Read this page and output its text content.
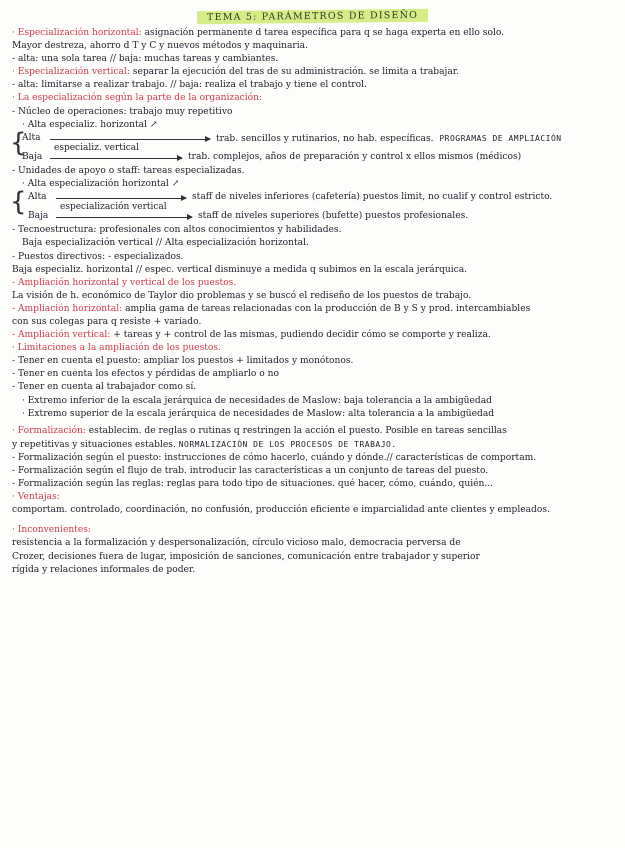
TEMA 5: PARÁMETROS DE DISEÑO
· Especialización horizontal: asignación permanente d tarea específica para q se haga experta en ello solo.
Mayor destreza, ahorro d T y C y nuevos métodos y maquinaria.
- alta: una sola tarea // baja: muchas tareas y cambiantes.
· Especialización vertical: separar la ejecución del tras de su administración. se limita a trabajar.
- alta: limitarse a realizar trabajo. // baja: realiza el trabajo y tiene el control.
· La especialización según la parte de la organización:
- Núcleo de operaciones: trabajo muy repetitivo
· Alta especializ. horizontal ↗
{
Alta	trab. sencillos y rutinarios, no hab. específicas. PROGRAMAS DE AMPLIACIÓN
especializ. vertical
Baja	trab. complejos, años de preparación y control x ellos mismos (médicos)
- Unidades de apoyo o staff: tareas especializadas.
· Alta especialización horizontal ↗
{ Alta	staff de niveles inferiores (cafetería) puestos limit, no cualif y control estricto.
especialización vertical
Baja	staff de niveles superiores (bufette) puestos profesionales.
- Tecnoestructura: profesionales con altos conocimientos y habilidades.
Baja especialización vertical // Alta especialización horizontal.
- Puestos directivos: - especializados.
Baja especializ. horizontal // espec. vertical disminuye a medida q subimos en la escala jerárquica.
- Ampliación horizontal y vertical de los puestos.
La visión de h. económico de Taylor dio problemas y se buscó el rediseño de los puestos de trabajo.
- Ampliación horizontal: amplia gama de tareas relacionadas con la producción de B y S y prod. intercambiables
con sus colegas para q resiste + variado.
- Ampliación vertical: + tareas y + control de las mismas, pudiendo decidir cómo se comporte y realiza.
· Limitaciones a la ampliación de los puestos.
- Tener en cuenta el puesto: ampliar los puestos + limitados y monótonos.
- Tener en cuenta los efectos y pérdidas de ampliarlo o no
- Tener en cuenta al trabajador como sí.
· Extremo inferior de la escala jerárquica de necesidades de Maslow: baja tolerancia a la ambigüedad
· Extremo superior de la escala jerárquica de necesidades de Maslow: alta tolerancia a la ambigüedad
· Formalización: establecim. de reglas o rutinas q restringen la acción el puesto. Posible en tareas sencillas
y repetitivas y situaciones estables. NORMALIZACIÓN DE LOS PROCESOS DE TRABAJO.
- Formalización según el puesto: instrucciones de cómo hacerlo, cuándo y dónde.// características de comportam.
- Formalización según el flujo de trab. introducir las características a un conjunto de tareas del puesto.
- Formalización según las reglas: reglas para todo tipo de situaciones. qué hacer, cómo, cuándo, quién...
· Ventajas:
comportam. controlado, coordinación, no confusión, producción eficiente e imparcialidad ante clientes y empleados.
· Inconvenientes:
resistencia a la formalización y despersonalización, círculo vicioso malo, democracia perversa de
Crozer, decisiones fuera de lugar, imposición de sanciones, comunicación entre trabajador y superior
rígida y relaciones informales de poder.
